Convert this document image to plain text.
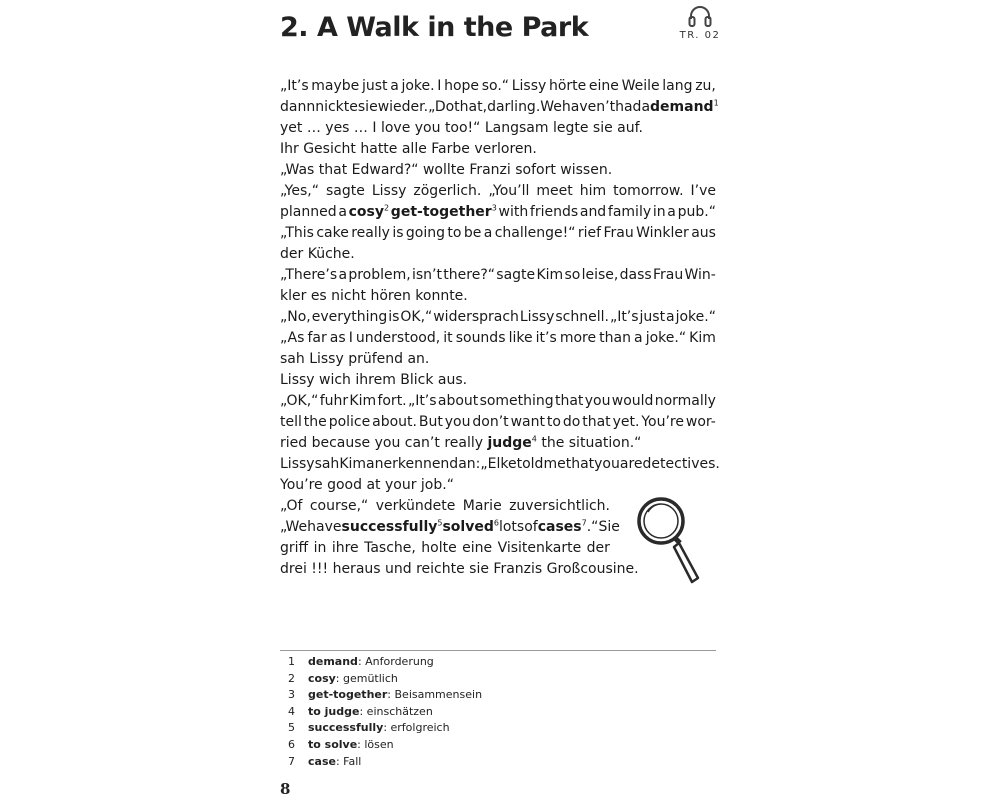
2. A Walk in the Park	TR. 02
„It’s maybe just a joke. I hope so.“ Lissy hörte eine Weile lang zu,
dann nickte sie wieder. „Do that, darling. We haven’t had a demand$^1$
yet … yes … I love you too!“ Langsam legte sie auf.
Ihr Gesicht hatte alle Farbe verloren.
„Was that Edward?“ wollte Franzi sofort wissen.
„Yes,“ sagte Lissy zögerlich. „You’ll meet him tomorrow. I’ve
planned a cosy$^2$ get-together$^3$ with friends and family in a pub.“
„This cake really is going to be a challenge!“ rief Frau Winkler aus
der Küche.
„There’s a problem, isn’t there?“ sagte Kim so leise, dass Frau Win-
kler es nicht hören konnte.
„No, everything is OK,“ widersprach Lissy schnell. „It’s just a joke.“
„As far as I understood, it sounds like it’s more than a joke.“ Kim
sah Lissy prüfend an.
Lissy wich ihrem Blick aus.
„OK,“ fuhr Kim fort. „It’s about something that you would normally
tell the police about. But you don’t want to do that yet. You’re wor-
ried because you can’t really judge$^4$ the situation.“
Lissy sah Kim anerkennend an: „Elke told me that you are detectives.
You’re good at your job.“
„Of course,“ verkündete Marie zuversichtlich.
„We have successfully$^5$ solved$^6$ lots of cases$^7$.“ Sie
griff in ihre Tasche, holte eine Visitenkarte der
drei !!! heraus und reichte sie Franzis Großcousine.
1	demand: Anforderung
2	cosy: gemütlich
3	get-together: Beisammensein
4	to judge: einschätzen
5	successfully: erfolgreich
6	to solve: lösen
7	case: Fall
8
